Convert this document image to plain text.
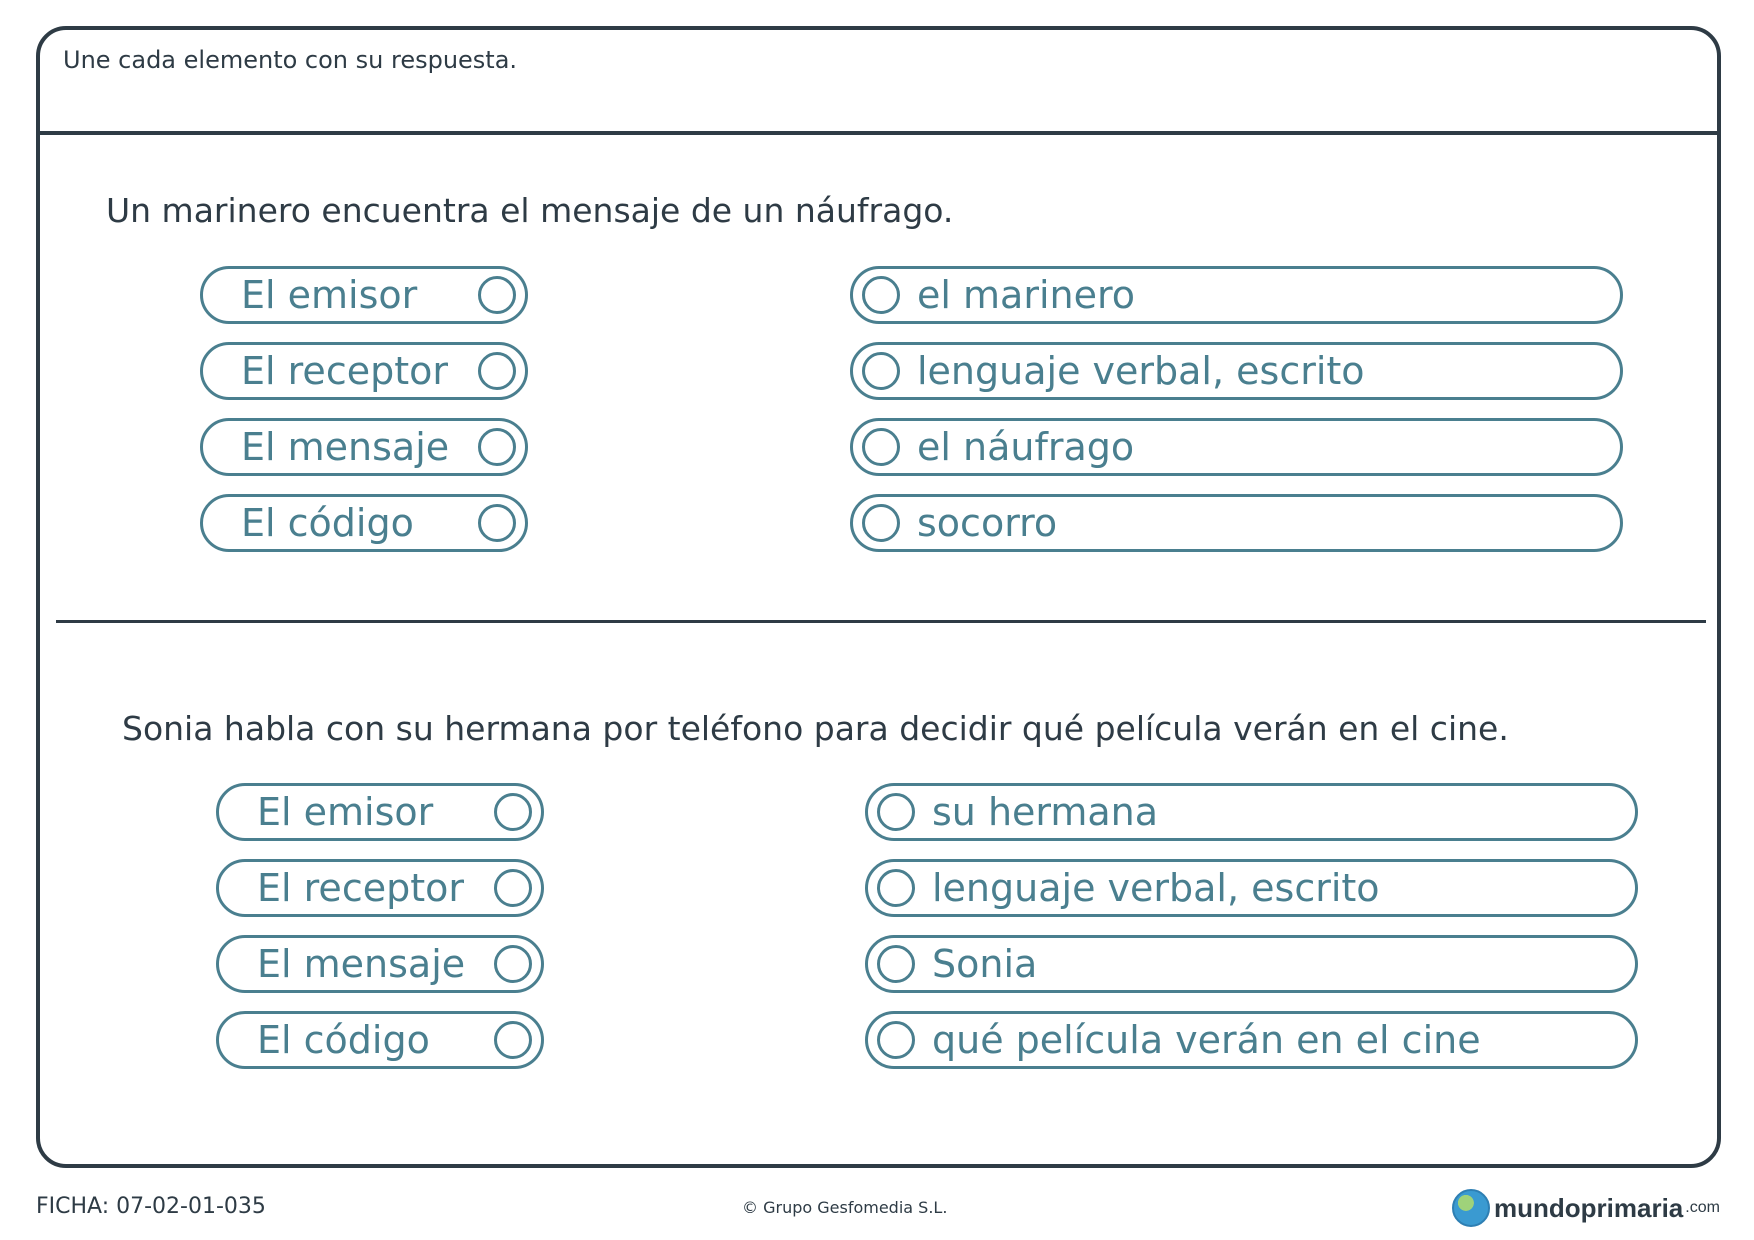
Une cada elemento con su respuesta.
Un marinero encuentra el mensaje de un náufrago.
El emisor
El receptor
El mensaje
El código
el marinero
lenguaje verbal, escrito
el náufrago
socorro
Sonia habla con su hermana por teléfono para decidir qué película verán en el cine.
El emisor
El receptor
El mensaje
El código
su hermana
lenguaje verbal, escrito
Sonia
qué película verán en el cine
FICHA: 07-02-01-035	© Grupo Gesfomedia S.L.	mundoprimaria .com
